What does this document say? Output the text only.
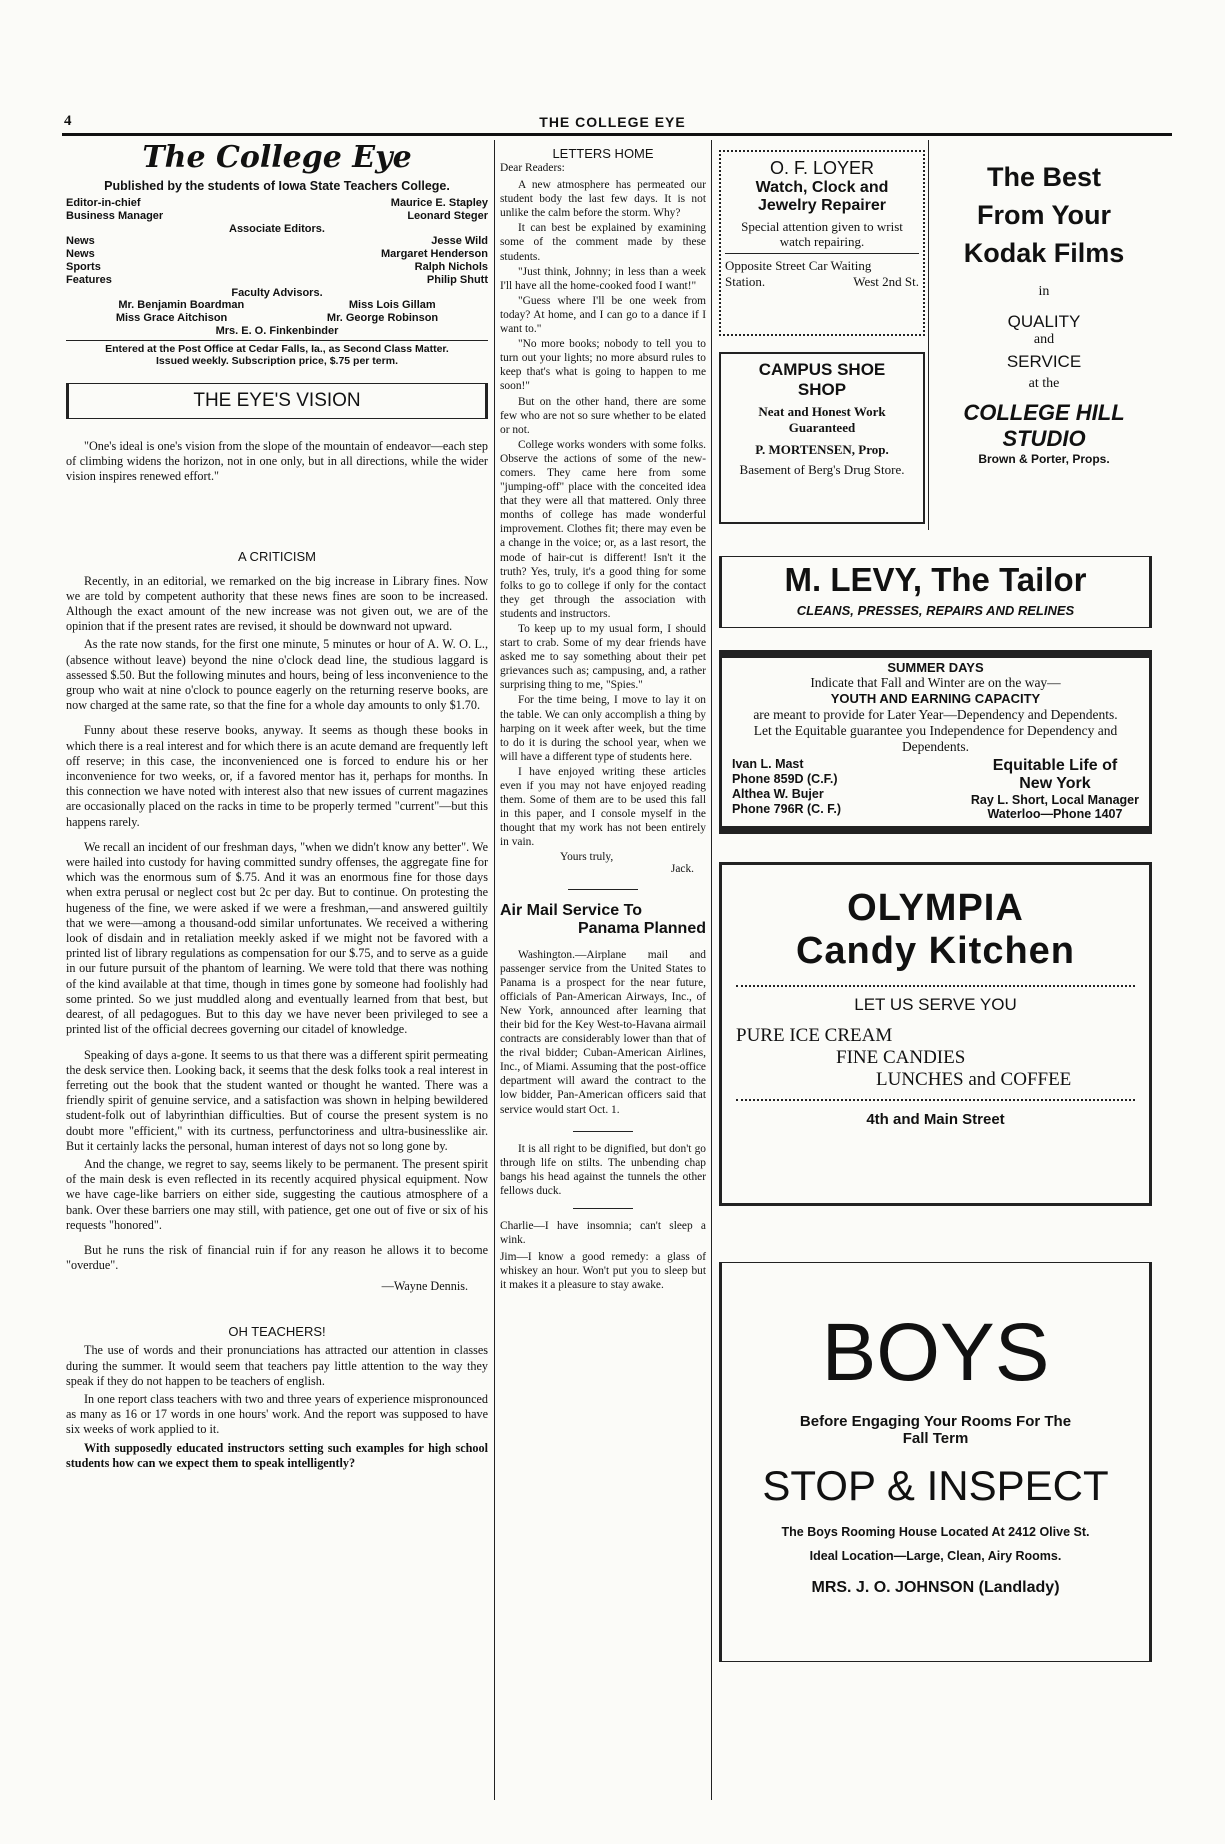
4	THE COLLEGE EYE
The College Eye
Published by the students of Iowa State Teachers College.
Editor-in-chief	Maurice E. Stapley
Business Manager	Leonard Steger
Associate Editors.
News	Jesse Wild
News	Margaret Henderson
Sports	Ralph Nichols
Features	Philip Shutt
Faculty Advisors.
Mr. Benjamin Boardman	Miss Lois Gillam
Miss Grace Aitchison	Mr. George Robinson
Mrs. E. O. Finkenbinder
Entered at the Post Office at Cedar Falls, Ia., as Second Class Matter.
Issued weekly. Subscription price, $.75 per term.
THE EYE'S VISION

"One's ideal is one's vision from the slope of the mountain of endeavor—each step of climbing widens the horizon, not in one only, but in all directions, while the wider vision inspires renewed effort."

A CRITICISM

Recently, in an editorial, we remarked on the big increase in Library fines. Now we are told by competent authority that these news fines are soon to be increased. Although the exact amount of the new increase was not given out, we are of the opinion that if the present rates are revised, it should be downward not upward.

As the rate now stands, for the first one minute, 5 minutes or hour of A. W. O. L., (absence without leave) beyond the nine o'clock dead line, the studious laggard is assessed $.50. But the following minutes and hours, being of less inconvenience to the group who wait at nine o'clock to pounce eagerly on the returning reserve books, are now charged at the same rate, so that the fine for a whole day amounts to only $1.70.

Funny about these reserve books, anyway. It seems as though these books in which there is a real interest and for which there is an acute demand are frequently left off reserve; in this case, the inconvenienced one is forced to endure his or her inconvenience for two weeks, or, if a favored mentor has it, perhaps for months. In this connection we have noted with interest also that new issues of current magazines are occasionally placed on the racks in time to be properly termed "current"—but this happens rarely.

We recall an incident of our freshman days, "when we didn't know any better". We were hailed into custody for having committed sundry offenses, the aggregate fine for which was the enormous sum of $.75. And it was an enormous fine for those days when extra perusal or neglect cost but 2c per day. But to continue. On protesting the hugeness of the fine, we were asked if we were a freshman,—and answered guiltily that we were—among a thousand-odd similar unfortunates. We received a withering look of disdain and in retaliation meekly asked if we might not be favored with a printed list of library regulations as compensation for our $.75, and to serve as a guide in our future pursuit of the phantom of learning. We were told that there was nothing of the kind available at that time, though in times gone by someone had foolishly had some printed. So we just muddled along and eventually learned from that best, but dearest, of all pedagogues. But to this day we have never been privileged to see a printed list of the official decrees governing our citadel of knowledge.

Speaking of days a-gone. It seems to us that there was a different spirit permeating the desk service then. Looking back, it seems that the desk folks took a real interest in ferreting out the book that the student wanted or thought he wanted. There was a friendly spirit of genuine service, and a satisfaction was shown in helping bewildered student-folk out of labyrinthian difficulties. But of course the present system is no doubt more "efficient," with its curtness, perfunctoriness and ultra-businesslike air. But it certainly lacks the personal, human interest of days not so long gone by.

And the change, we regret to say, seems likely to be permanent. The present spirit of the main desk is even reflected in its recently acquired physical equipment. Now we have cage-like barriers on either side, suggesting the cautious atmosphere of a bank. Over these barriers one may still, with patience, get one out of five or six of his requests "honored".

But he runs the risk of financial ruin if for any reason he allows it to become "overdue".

—Wayne Dennis.
OH TEACHERS!

The use of words and their pronunciations has attracted our attention in classes during the summer. It would seem that teachers pay little attention to the way they speak if they do not happen to be teachers of english.

In one report class teachers with two and three years of experience mispronounced as many as 16 or 17 words in one hours' work. And the report was supposed to have six weeks of work applied to it.

With supposedly educated instructors setting such examples for high school students how can we expect them to speak intelligently?

LETTERS HOME

Dear Readers:

A new atmosphere has permeated our student body the last few days. It is not unlike the calm before the storm. Why?

It can best be explained by examining some of the comment made by these students.

"Just think, Johnny; in less than a week I'll have all the home-cooked food I want!"

"Guess where I'll be one week from today? At home, and I can go to a dance if I want to."

"No more books; nobody to tell you to turn out your lights; no more absurd rules to keep that's what is going to happen to me soon!"

But on the other hand, there are some few who are not so sure whether to be elated or not.

College works wonders with some folks. Observe the actions of some of the new-comers. They came here from some "jumping-off" place with the conceited idea that they were all that mattered. Only three months of college has made wonderful improvement. Clothes fit; there may even be a change in the voice; or, as a last resort, the mode of hair-cut is different! Isn't it the truth? Yes, truly, it's a good thing for some folks to go to college if only for the contact they get through the association with students and instructors.

To keep up to my usual form, I should start to crab. Some of my dear friends have asked me to say something about their pet grievances such as; campusing, and, a rather surprising thing to me, "Spies."

For the time being, I move to lay it on the table. We can only accomplish a thing by harping on it week after week, but the time to do it is during the school year, when we will have a different type of students here.

I have enjoyed writing these articles even if you may not have enjoyed reading them. Some of them are to be used this fall in this paper, and I console myself in the thought that my work has not been entirely in vain.

Yours truly,
Jack.
Air Mail Service To
Panama Planned

Washington.—Airplane mail and passenger service from the United States to Panama is a prospect for the near future, officials of Pan-American Airways, Inc., of New York, announced after learning that their bid for the Key West-to-Havana airmail contracts are considerably lower than that of the rival bidder; Cuban-American Airlines, Inc., of Miami. Assuming that the post-office department will award the contract to the low bidder, Pan-American officers said that service would start Oct. 1.

It is all right to be dignified, but don't go through life on stilts. The unbending chap bangs his head against the tunnels the other fellows duck.

Charlie—I have insomnia; can't sleep a wink.

Jim—I know a good remedy: a glass of whiskey an hour. Won't put you to sleep but it makes it a pleasure to stay awake.

O. F. LOYER
Watch, Clock and
Jewelry Repairer
Special attention given to wrist watch repairing.
Opposite Street Car Waiting
Station.	West 2nd St.
CAMPUS SHOE
SHOP
Neat and Honest Work
Guaranteed
P. MORTENSEN, Prop.
Basement of Berg's Drug Store.
The Best
From Your
Kodak Films
in
QUALITY
and
SERVICE
at the
COLLEGE HILL
STUDIO
Brown & Porter, Props.
M. LEVY, The Tailor
CLEANS, PRESSES, REPAIRS AND RELINES
SUMMER DAYS
Indicate that Fall and Winter are on the way—
YOUTH AND EARNING CAPACITY
are meant to provide for Later Year—Dependency and Dependents.
Let the Equitable guarantee you Independence for Dependency and Dependents.
Ivan L. Mast
Phone 859D (C.F.)
Althea W. Bujer
Phone 796R (C. F.)
Equitable Life of
New York
Ray L. Short, Local Manager
Waterloo—Phone 1407
OLYMPIA
Candy Kitchen
LET US SERVE YOU
PURE ICE CREAM
FINE CANDIES
LUNCHES and COFFEE
4th and Main Street
BOYS
Before Engaging Your Rooms For The
Fall Term
STOP & INSPECT
The Boys Rooming House Located At 2412 Olive St.
Ideal Location—Large, Clean, Airy Rooms.
MRS. J. O. JOHNSON (Landlady)
